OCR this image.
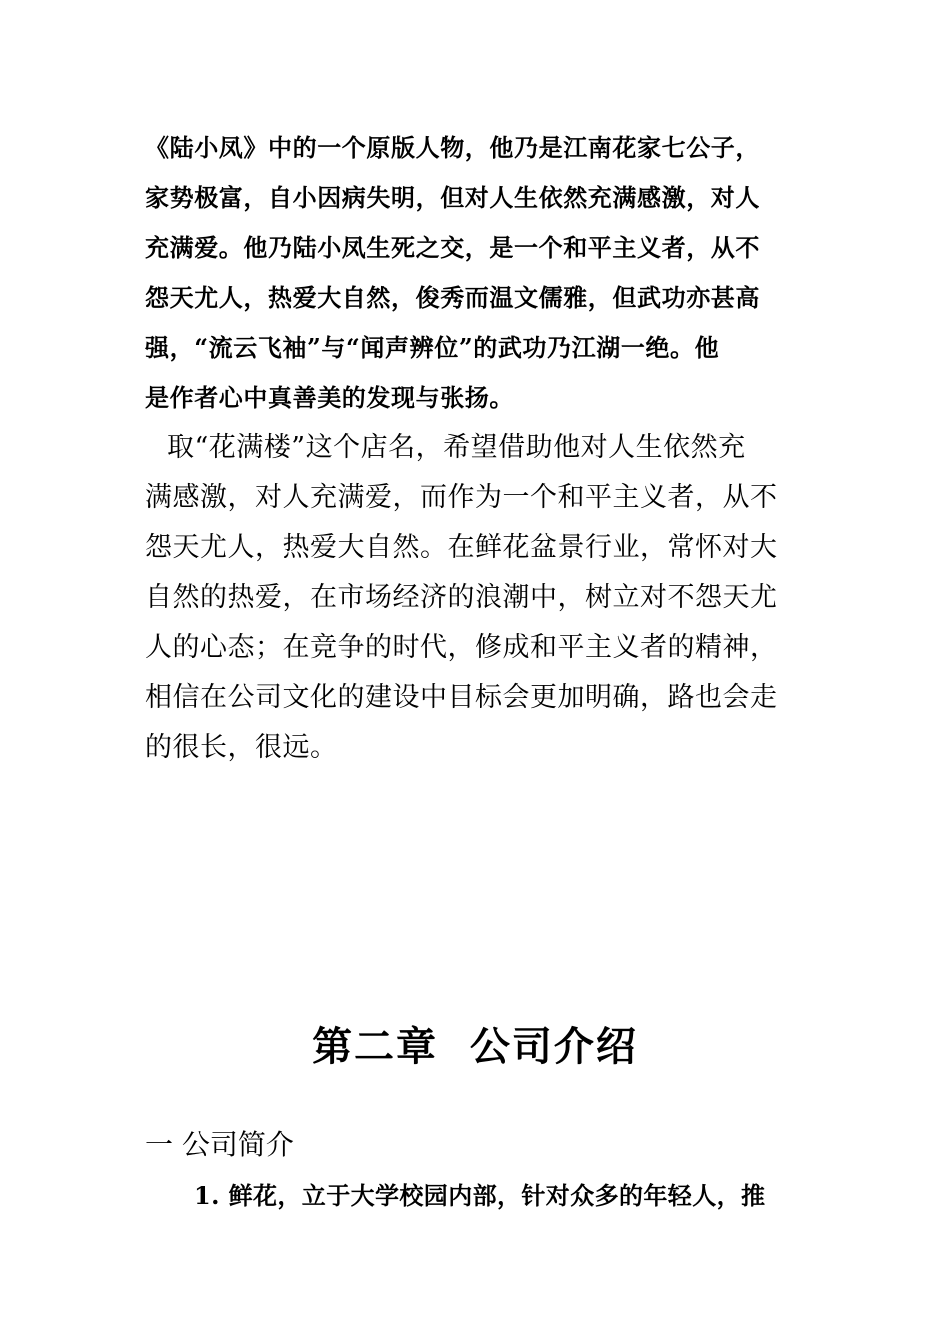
《陆小凤》中的一个原版人物，他乃是江南花家七公子，

家势极富，自小因病失明，但对人生依然充满感激，对人

充满爱。他乃陆小凤生死之交，是一个和平主义者，从不

怨天尤人，热爱大自然，俊秀而温文儒雅，但武功亦甚高

强，“流云飞袖”与“闻声辨位”的武功乃江湖一绝。他

是作者心中真善美的发现与张扬。

取“花满楼”这个店名，希望借助他对人生依然充

满感激，对人充满爱，而作为一个和平主义者，从不

怨天尤人，热爱大自然。在鲜花盆景行业，常怀对大

自然的热爱，在市场经济的浪潮中，树立对不怨天尤

人的心态；在竞争的时代，修成和平主义者的精神，

相信在公司文化的建设中目标会更加明确，路也会走

的很长，很远。

第二章  公司介绍
一 公司简介

1. 鲜花，立于大学校园内部，针对众多的年轻人，推
